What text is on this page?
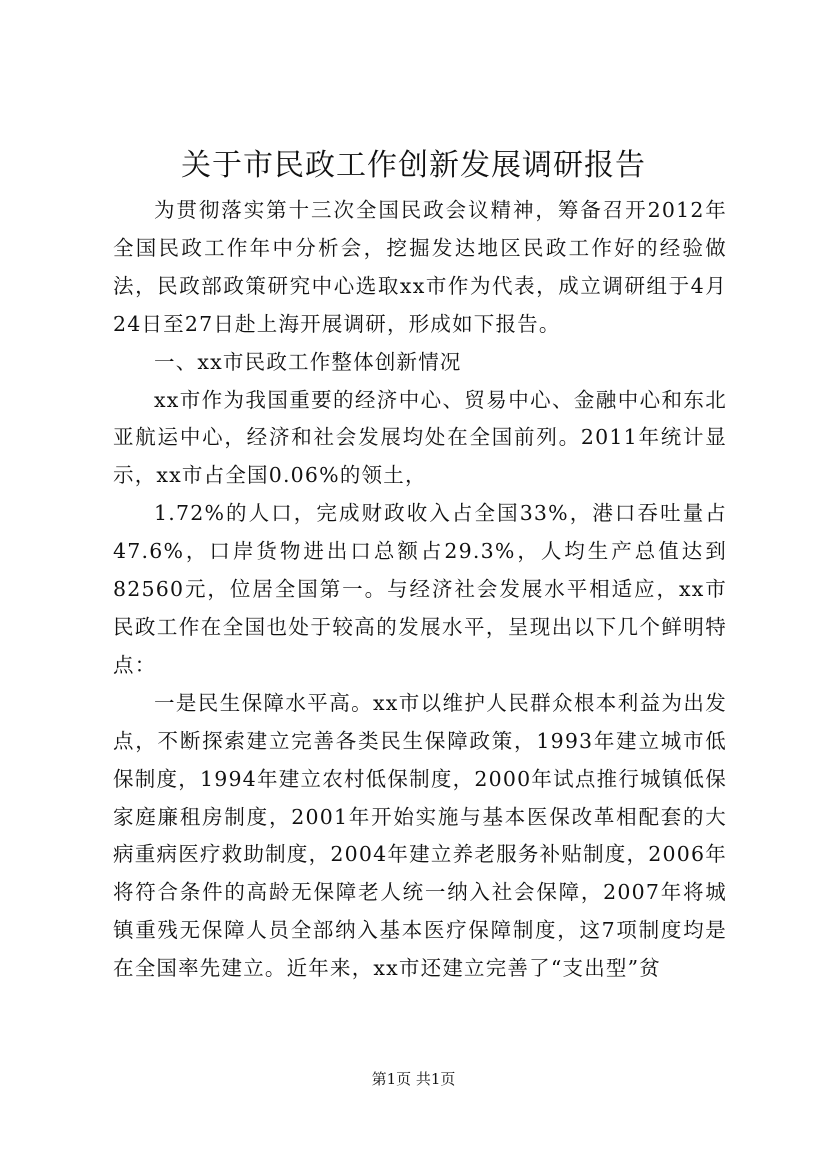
关于市民政工作创新发展调研报告

为贯彻落实第十三次全国民政会议精神，筹备召开2012年全国民政工作年中分析会，挖掘发达地区民政工作好的经验做法，民政部政策研究中心选取xx市作为代表，成立调研组于4月24日至27日赴上海开展调研，形成如下报告。

一、xx市民政工作整体创新情况

xx市作为我国重要的经济中心、贸易中心、金融中心和东北亚航运中心，经济和社会发展均处在全国前列。2011年统计显示，xx市占全国0.06%的领土，

1.72%的人口，完成财政收入占全国33%，港口吞吐量占47.6%，口岸货物进出口总额占29.3%，人均生产总值达到82560元，位居全国第一。与经济社会发展水平相适应，xx市民政工作在全国也处于较高的发展水平，呈现出以下几个鲜明特点：

一是民生保障水平高。xx市以维护人民群众根本利益为出发点，不断探索建立完善各类民生保障政策，1993年建立城市低保制度，1994年建立农村低保制度，2000年试点推行城镇低保家庭廉租房制度，2001年开始实施与基本医保改革相配套的大病重病医疗救助制度，2004年建立养老服务补贴制度，2006年将符合条件的高龄无保障老人统一纳入社会保障，2007年将城镇重残无保障人员全部纳入基本医疗保障制度，这7项制度均是在全国率先建立。近年来，xx市还建立完善了“支出型”贫

第1页 共1页
